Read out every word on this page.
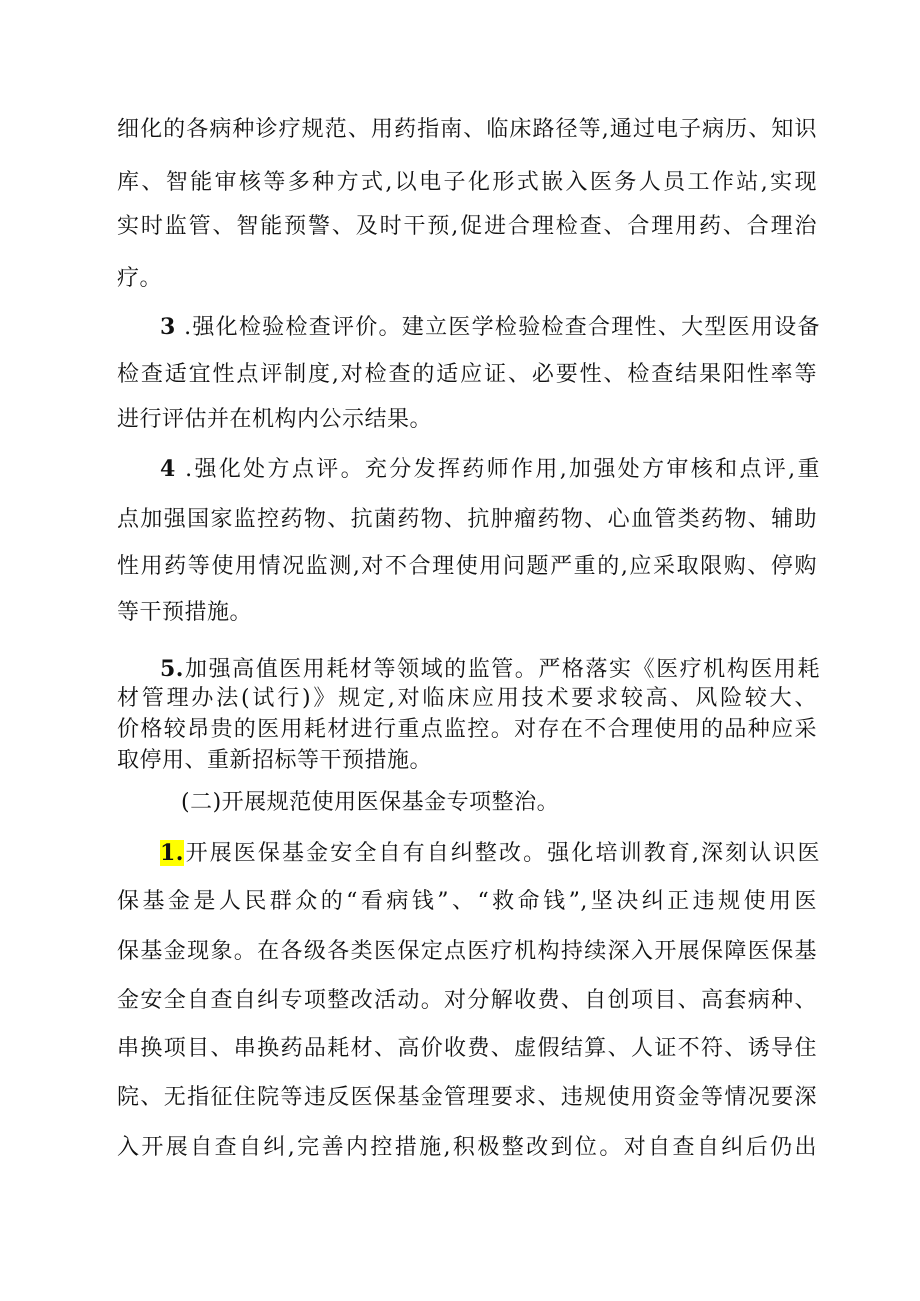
细化的各病种诊疗规范、用药指南、临床路径等,通过电子病历、知识
库、智能审核等多种方式,以电子化形式嵌入医务人员工作站,实现
实时监管、智能预警、及时干预,促进合理检查、合理用药、合理治
疗。
3 .强化检验检查评价。建立医学检验检查合理性、大型医用设备
检查适宜性点评制度,对检查的适应证、必要性、检查结果阳性率等
进行评估并在机构内公示结果。
4 .强化处方点评。充分发挥药师作用,加强处方审核和点评,重
点加强国家监控药物、抗菌药物、抗肿瘤药物、心血管类药物、辅助
性用药等使用情况监测,对不合理使用问题严重的,应采取限购、停购
等干预措施。
5.加强高值医用耗材等领域的监管。严格落实《医疗机构医用耗
材管理办法(试行)》规定,对临床应用技术要求较高、风险较大、
价格较昂贵的医用耗材进行重点监控。对存在不合理使用的品种应采
取停用、重新招标等干预措施。
(二)开展规范使用医保基金专项整治。
1.开展医保基金安全自有自纠整改。强化培训教育,深刻认识医
保基金是人民群众的“看病钱”、“救命钱”,坚决纠正违规使用医
保基金现象。在各级各类医保定点医疗机构持续深入开展保障医保基
金安全自查自纠专项整改活动。对分解收费、自创项目、高套病种、
串换项目、串换药品耗材、高价收费、虚假结算、人证不符、诱导住
院、无指征住院等违反医保基金管理要求、违规使用资金等情况要深
入开展自查自纠,完善内控措施,积极整改到位。对自查自纠后仍出
